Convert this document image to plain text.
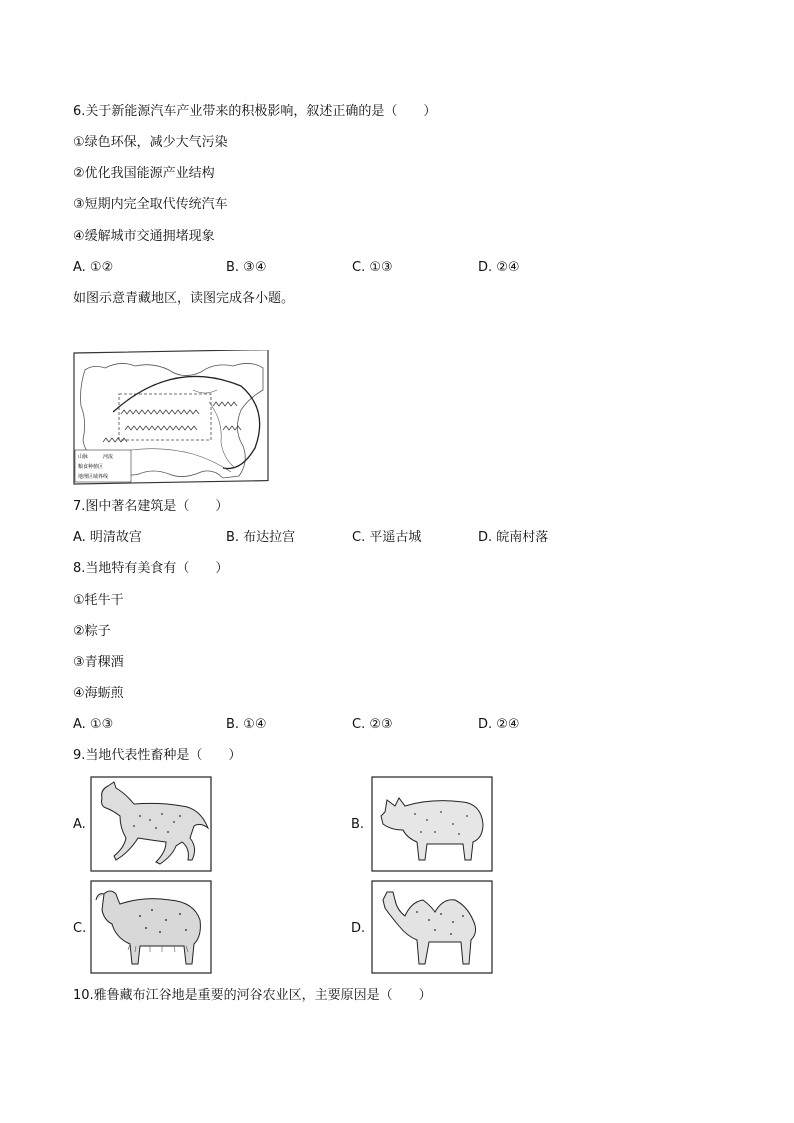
6.关于新能源汽车产业带来的积极影响，叙述正确的是（　　）
①绿色环保，减少大气污染
②优化我国能源产业结构
③短期内完全取代传统汽车
④缓解城市交通拥堵现象
A. ①②	B. ③④	C. ①③	D. ②④
如图示意青藏地区，读图完成各小题。
山脉	河流
粮食种植区
地理区域界线
7.图中著名建筑是（　　）
A. 明清故宫	B. 布达拉宫	C. 平遥古城	D. 皖南村落
8.当地特有美食有（　　）
①牦牛干
②粽子
③青稞酒
④海蛎煎
A. ①③	B. ①④	C. ②③	D. ②④
9.当地代表性畜种是（　　）
A.	B.
C.	D.
10.雅鲁藏布江谷地是重要的河谷农业区，主要原因是（　　）
